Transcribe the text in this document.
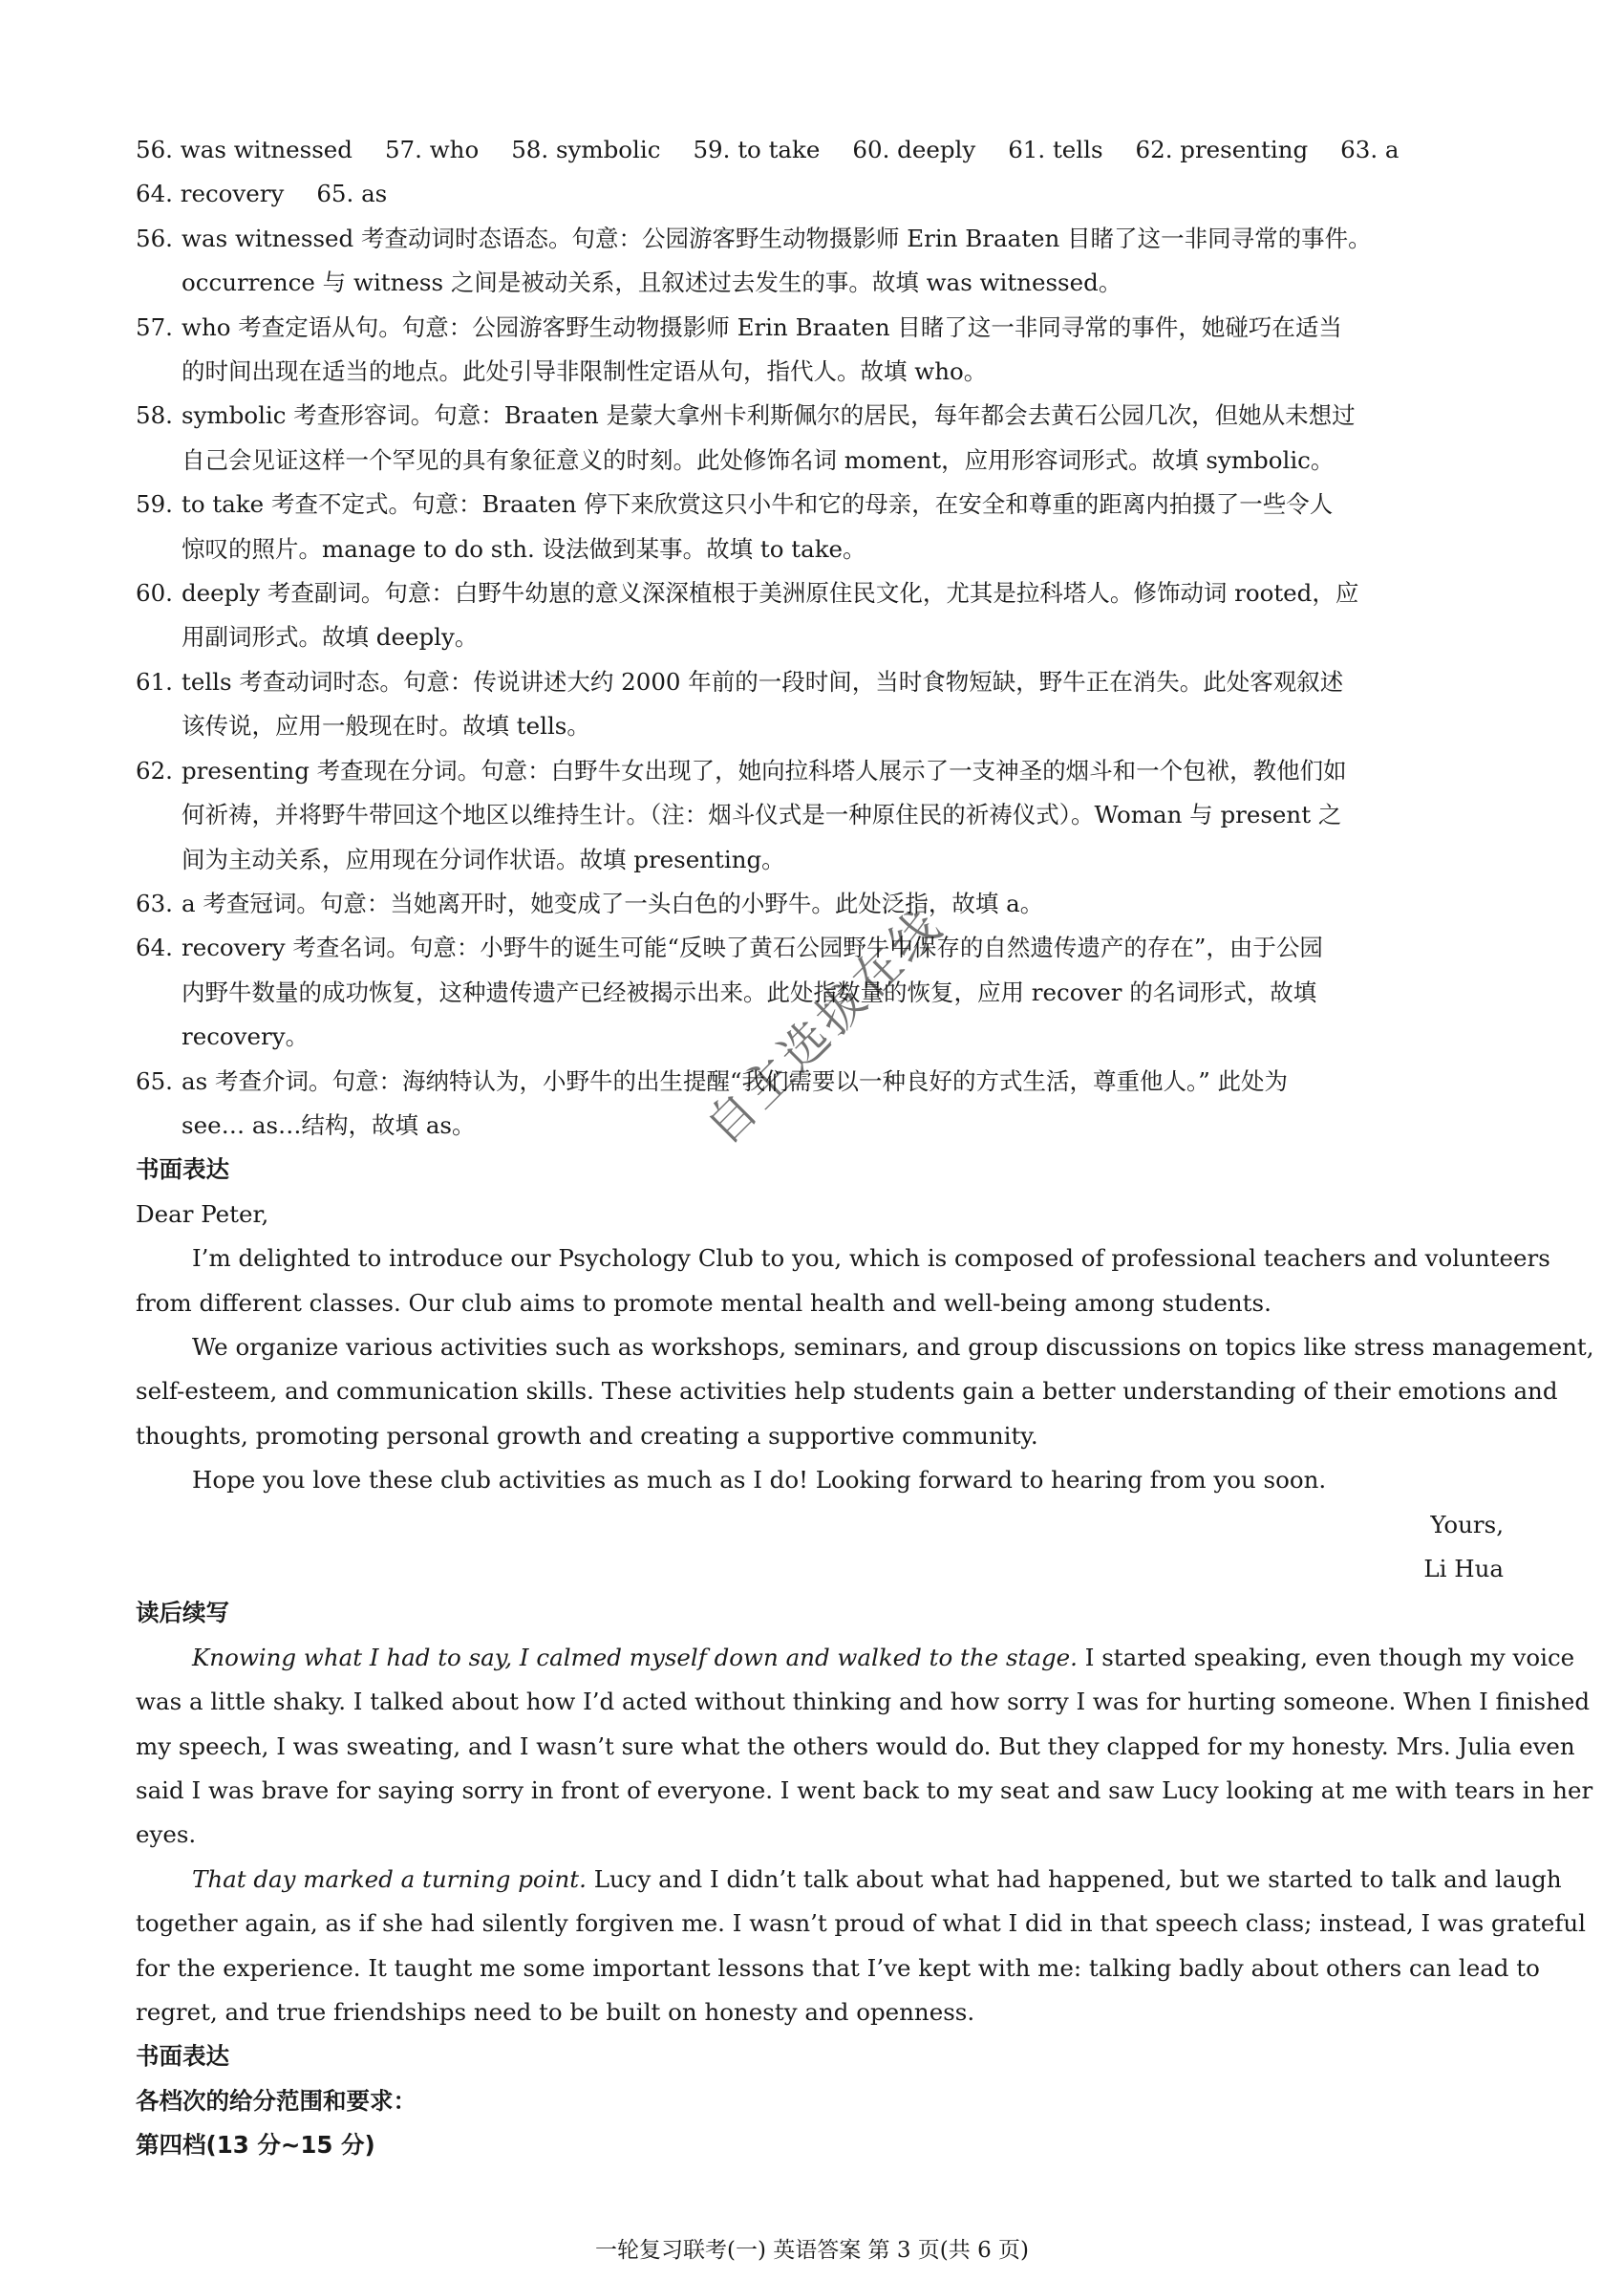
56. was witnessed 57. who 58. symbolic 59. to take 60. deeply 61. tells 62. presenting 63. a
64. recovery 65. as
56. was witnessed 考查动词时态语态。句意：公园游客野生动物摄影师 Erin Braaten 目睹了这一非同寻常的事件。
occurrence 与 witness 之间是被动关系，且叙述过去发生的事。故填 was witnessed。
57. who 考查定语从句。句意：公园游客野生动物摄影师 Erin Braaten 目睹了这一非同寻常的事件，她碰巧在适当
的时间出现在适当的地点。此处引导非限制性定语从句，指代人。故填 who。
58. symbolic 考查形容词。句意：Braaten 是蒙大拿州卡利斯佩尔的居民，每年都会去黄石公园几次，但她从未想过
自己会见证这样一个罕见的具有象征意义的时刻。此处修饰名词 moment，应用形容词形式。故填 symbolic。
59. to take 考查不定式。句意：Braaten 停下来欣赏这只小牛和它的母亲，在安全和尊重的距离内拍摄了一些令人
惊叹的照片。manage to do sth. 设法做到某事。故填 to take。
60. deeply 考查副词。句意：白野牛幼崽的意义深深植根于美洲原住民文化，尤其是拉科塔人。修饰动词 rooted，应
用副词形式。故填 deeply。
61. tells 考查动词时态。句意：传说讲述大约 2000 年前的一段时间，当时食物短缺，野牛正在消失。此处客观叙述
该传说，应用一般现在时。故填 tells。
62. presenting 考查现在分词。句意：白野牛女出现了，她向拉科塔人展示了一支神圣的烟斗和一个包袱，教他们如
何祈祷，并将野牛带回这个地区以维持生计。（注：烟斗仪式是一种原住民的祈祷仪式）。Woman 与 present 之
间为主动关系，应用现在分词作状语。故填 presenting。
63. a 考查冠词。句意：当她离开时，她变成了一头白色的小野牛。此处泛指，故填 a。
64. recovery 考查名词。句意：小野牛的诞生可能“反映了黄石公园野牛中保存的自然遗传遗产的存在”，由于公园
内野牛数量的成功恢复，这种遗传遗产已经被揭示出来。此处指数量的恢复，应用 recover 的名词形式，故填
recovery。
65. as 考查介词。句意：海纳特认为，小野牛的出生提醒“我们需要以一种良好的方式生活，尊重他人。” 此处为
see… as…结构，故填 as。
书面表达
Dear Peter,
I’m delighted to introduce our Psychology Club to you, which is composed of professional teachers and volunteers
from different classes. Our club aims to promote mental health and well-being among students.
We organize various activities such as workshops, seminars, and group discussions on topics like stress management,
self-esteem, and communication skills. These activities help students gain a better understanding of their emotions and
thoughts, promoting personal growth and creating a supportive community.
Hope you love these club activities as much as I do! Looking forward to hearing from you soon.
Yours,
Li Hua
读后续写
Knowing what I had to say, I calmed myself down and walked to the stage. I started speaking, even though my voice
was a little shaky. I talked about how I’d acted without thinking and how sorry I was for hurting someone. When I finished
my speech, I was sweating, and I wasn’t sure what the others would do. But they clapped for my honesty. Mrs. Julia even
said I was brave for saying sorry in front of everyone. I went back to my seat and saw Lucy looking at me with tears in her
eyes.
That day marked a turning point. Lucy and I didn’t talk about what had happened, but we started to talk and laugh
together again, as if she had silently forgiven me. I wasn’t proud of what I did in that speech class; instead, I was grateful
for the experience. It taught me some important lessons that I’ve kept with me: talking badly about others can lead to
regret, and true friendships need to be built on honesty and openness.
书面表达
各档次的给分范围和要求：
第四档(13 分~15 分)
自主选拔在线
一轮复习联考(一) 英语答案 第 3 页(共 6 页)
